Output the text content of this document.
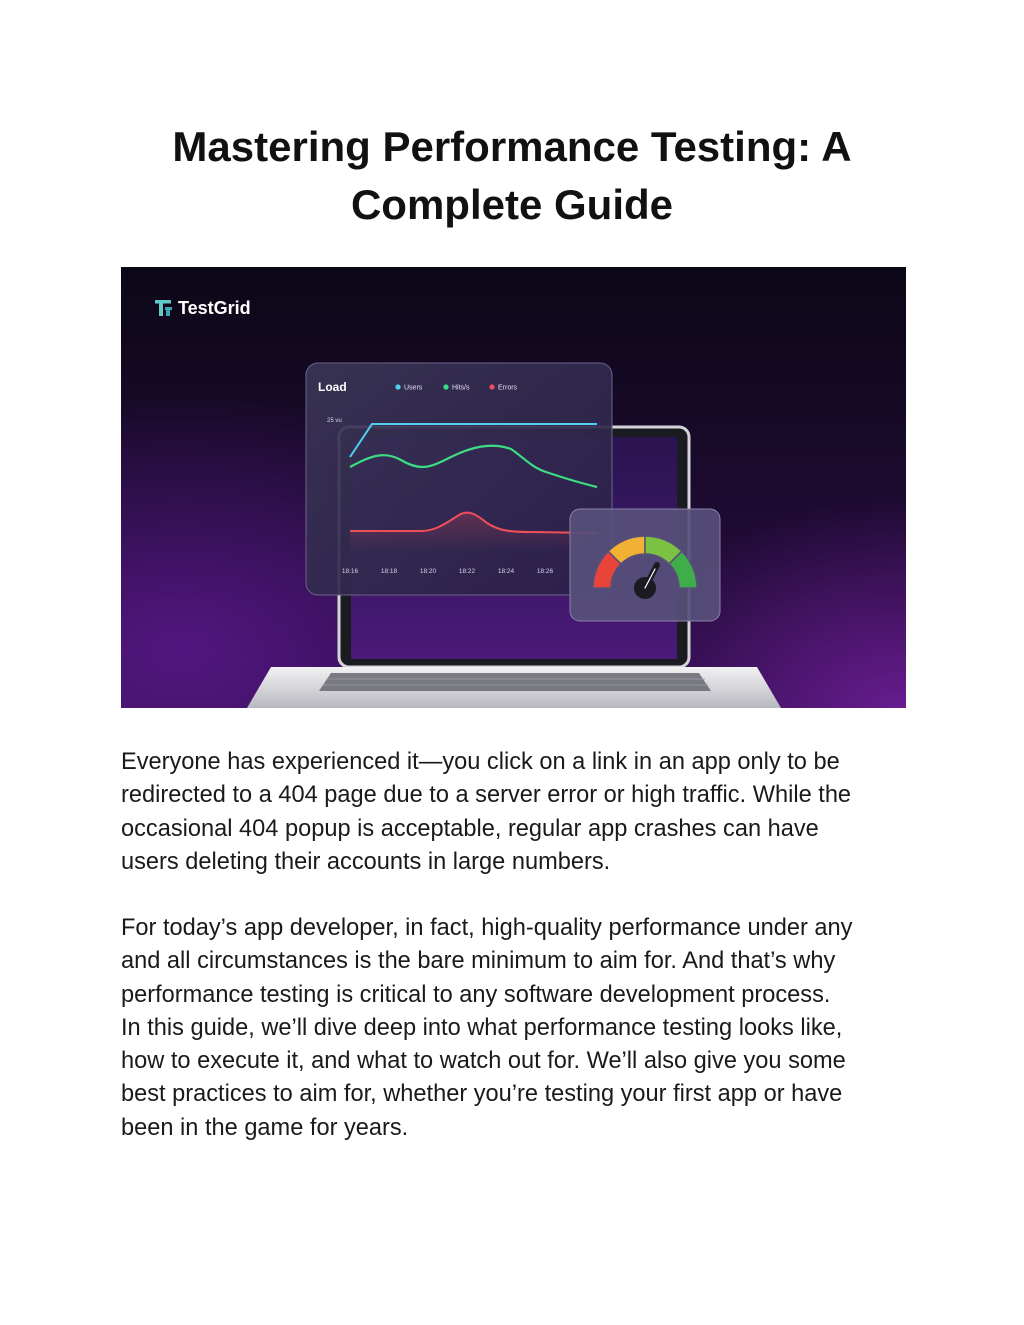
Mastering Performance Testing: A
Complete Guide
TestGrid
Load	Users	Hits/s	Errors
25 vu
18:16	18:18	18:20	18:22	18:24	18:26
Everyone has experienced it—you click on a link in an app only to be
redirected to a 404 page due to a server error or high traffic. While the
occasional 404 popup is acceptable, regular app crashes can have
users deleting their accounts in large numbers.
For today’s app developer, in fact, high-quality performance under any
and all circumstances is the bare minimum to aim for. And that’s why
performance testing is critical to any software development process.
In this guide, we’ll dive deep into what performance testing looks like,
how to execute it, and what to watch out for. We’ll also give you some
best practices to aim for, whether you’re testing your first app or have
been in the game for years.
